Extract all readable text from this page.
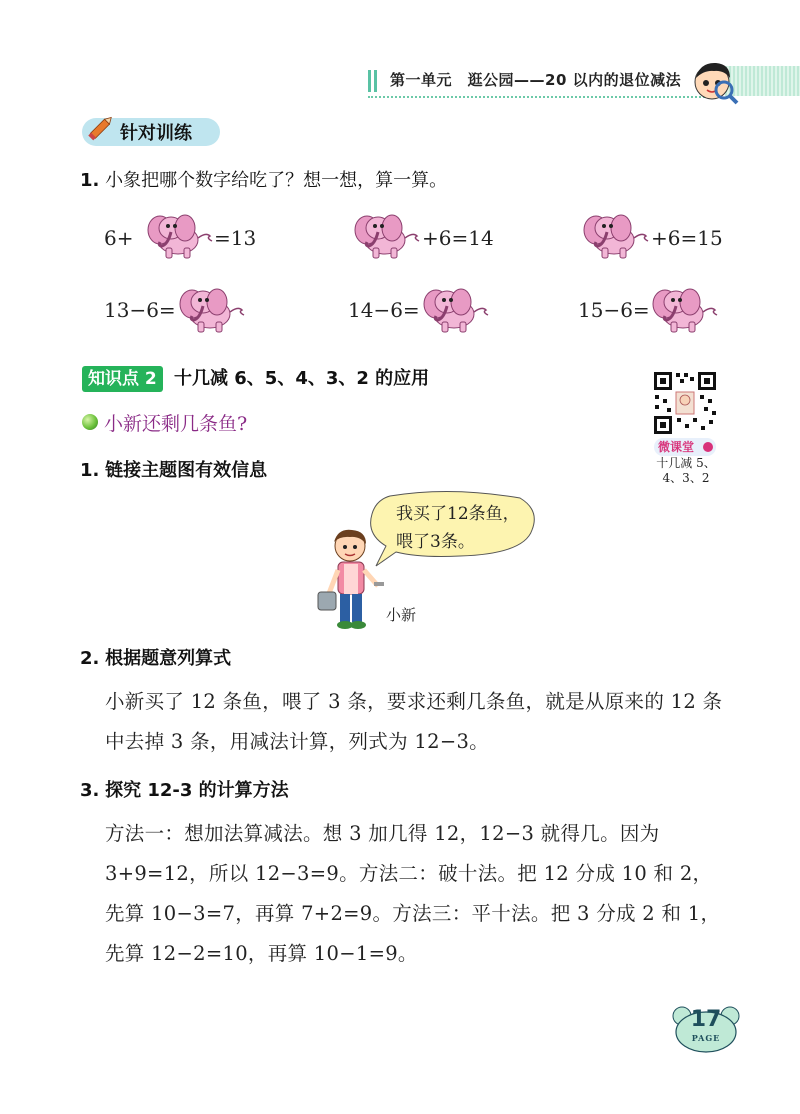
第一单元　逛公园——20 以内的退位减法
针对训练
1. 小象把哪个数字给吃了？想一想，算一算。
6+	=13	+6=14	+6=15
13−6=	14−6=	15−6=
知识点 2 十几减 6、5、4、3、2 的应用
微课堂
十几减 5、
4、3、2
小新还剩几条鱼?
1. 链接主题图有效信息
我买了12条鱼，
喂了3条。
小新
2. 根据题意列算式
小新买了 12 条鱼，喂了 3 条，要求还剩几条鱼，就是从原来的 12 条中去掉 3 条，用减法计算，列式为 12−3。
3. 探究 12-3 的计算方法
方法一：想加法算减法。想 3 加几得 12，12−3 就得几。因为 3+9=12，所以 12−3=9。方法二：破十法。把 12 分成 10 和 2，先算 10−3=7，再算 7+2=9。方法三：平十法。把 3 分成 2 和 1，先算 12−2=10，再算 10−1=9。
17
PAGE
